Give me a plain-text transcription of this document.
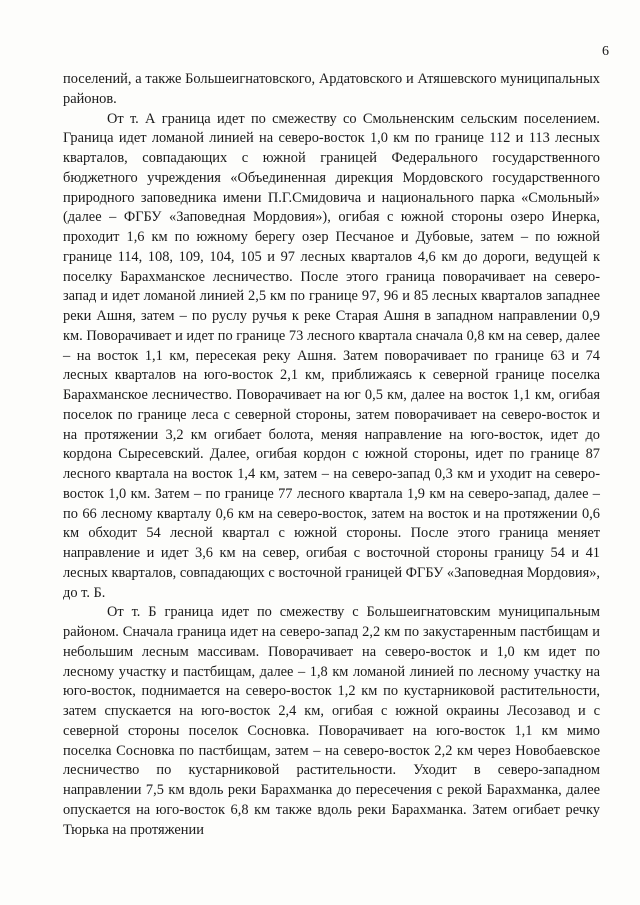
6

поселений, а также Большеигнатовского, Ардатовского и Атяшевского муниципальных районов.

От т. А граница идет по смежеству со Смольненским сельским поселением. Граница идет ломаной линией на северо-восток 1,0 км по границе 112 и 113 лесных кварталов, совпадающих с южной границей Федерального государственного бюджетного учреждения «Объединенная дирекция Мордовского государственного природного заповедника имени П.Г.Смидовича и национального парка «Смольный» (далее – ФГБУ «Заповедная Мордовия»), огибая с южной стороны озеро Инерка, проходит 1,6 км по южному берегу озер Песчаное и Дубовые, затем – по южной границе 114, 108, 109, 104, 105 и 97 лесных кварталов 4,6 км до дороги, ведущей к поселку Барахманское лесничество. После этого граница поворачивает на северо-запад и идет ломаной линией 2,5 км по границе 97, 96 и 85 лесных кварталов западнее реки Ашня, затем – по руслу ручья к реке Старая Ашня в западном направлении 0,9 км. Поворачивает и идет по границе 73 лесного квартала сначала 0,8 км на север, далее – на восток 1,1 км, пересекая реку Ашня. Затем поворачивает по границе 63 и 74 лесных кварталов на юго-восток 2,1 км, приближаясь к северной границе поселка Барахманское лесничество. Поворачивает на юг 0,5 км, далее на восток 1,1 км, огибая поселок по границе леса с северной стороны, затем поворачивает на северо-восток и на протяжении 3,2 км огибает болота, меняя направление на юго-восток, идет до кордона Сыресевский. Далее, огибая кордон с южной стороны, идет по границе 87 лесного квартала на восток 1,4 км, затем – на северо-запад 0,3 км и уходит на северо-восток 1,0 км. Затем – по границе 77 лесного квартала 1,9 км на северо-запад, далее – по 66 лесному кварталу 0,6 км на северо-восток, затем на восток и на протяжении 0,6 км обходит 54 лесной квартал с южной стороны. После этого граница меняет направление и идет 3,6 км на север, огибая с восточной стороны границу 54 и 41 лесных кварталов, совпадающих с восточной границей ФГБУ «Заповедная Мордовия», до т. Б.

От т. Б граница идет по смежеству с Большеигнатовским муниципальным районом. Сначала граница идет на северо-запад 2,2 км по закустаренным пастбищам и небольшим лесным массивам. Поворачивает на северо-восток и 1,0 км идет по лесному участку и пастбищам, далее – 1,8 км ломаной линией по лесному участку на юго-восток, поднимается на северо-восток 1,2 км по кустарниковой растительности, затем спускается на юго-восток 2,4 км, огибая с южной окраины Лесозавод и с северной стороны поселок Сосновка. Поворачивает на юго-восток 1,1 км мимо поселка Сосновка по пастбищам, затем – на северо-восток 2,2 км через Новобаевское лесничество по кустарниковой растительности. Уходит в северо-западном направлении 7,5 км вдоль реки Барахманка до пересечения с рекой Барахманка, далее опускается на юго-восток 6,8 км также вдоль реки Барахманка. Затем огибает речку Тюрька на протяжении
